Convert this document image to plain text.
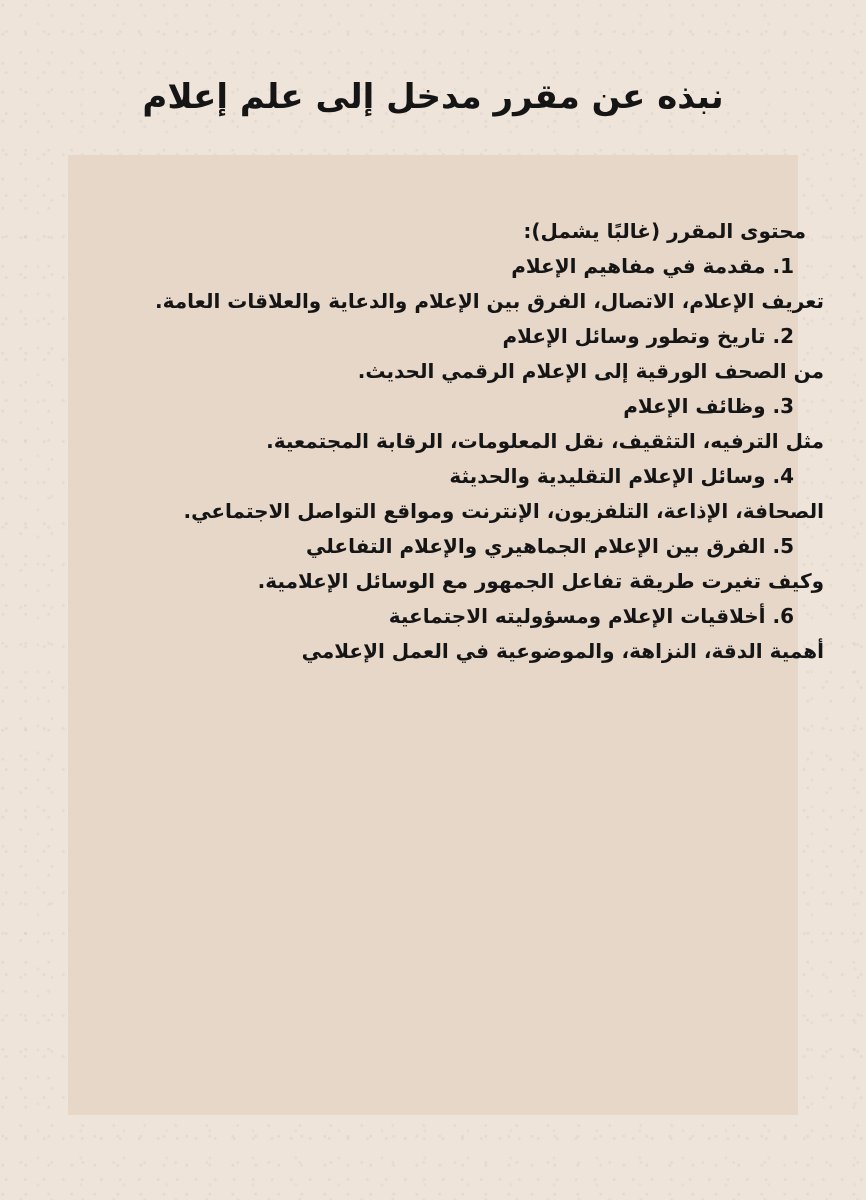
نبذه عن مقرر مدخل إلى علم إعلام
محتوى المقرر (غالبًا يشمل):
1. مقدمة في مفاهيم الإعلام
تعريف الإعلام، الاتصال، الفرق بين الإعلام والدعاية والعلاقات العامة.
2. تاريخ وتطور وسائل الإعلام
من الصحف الورقية إلى الإعلام الرقمي الحديث.
3. وظائف الإعلام
مثل الترفيه، التثقيف، نقل المعلومات، الرقابة المجتمعية.
4. وسائل الإعلام التقليدية والحديثة
الصحافة، الإذاعة، التلفزيون، الإنترنت ومواقع التواصل الاجتماعي.
5. الفرق بين الإعلام الجماهيري والإعلام التفاعلي
وكيف تغيرت طريقة تفاعل الجمهور مع الوسائل الإعلامية.
6. أخلاقيات الإعلام ومسؤوليته الاجتماعية
أهمية الدقة، النزاهة، والموضوعية في العمل الإعلامي
